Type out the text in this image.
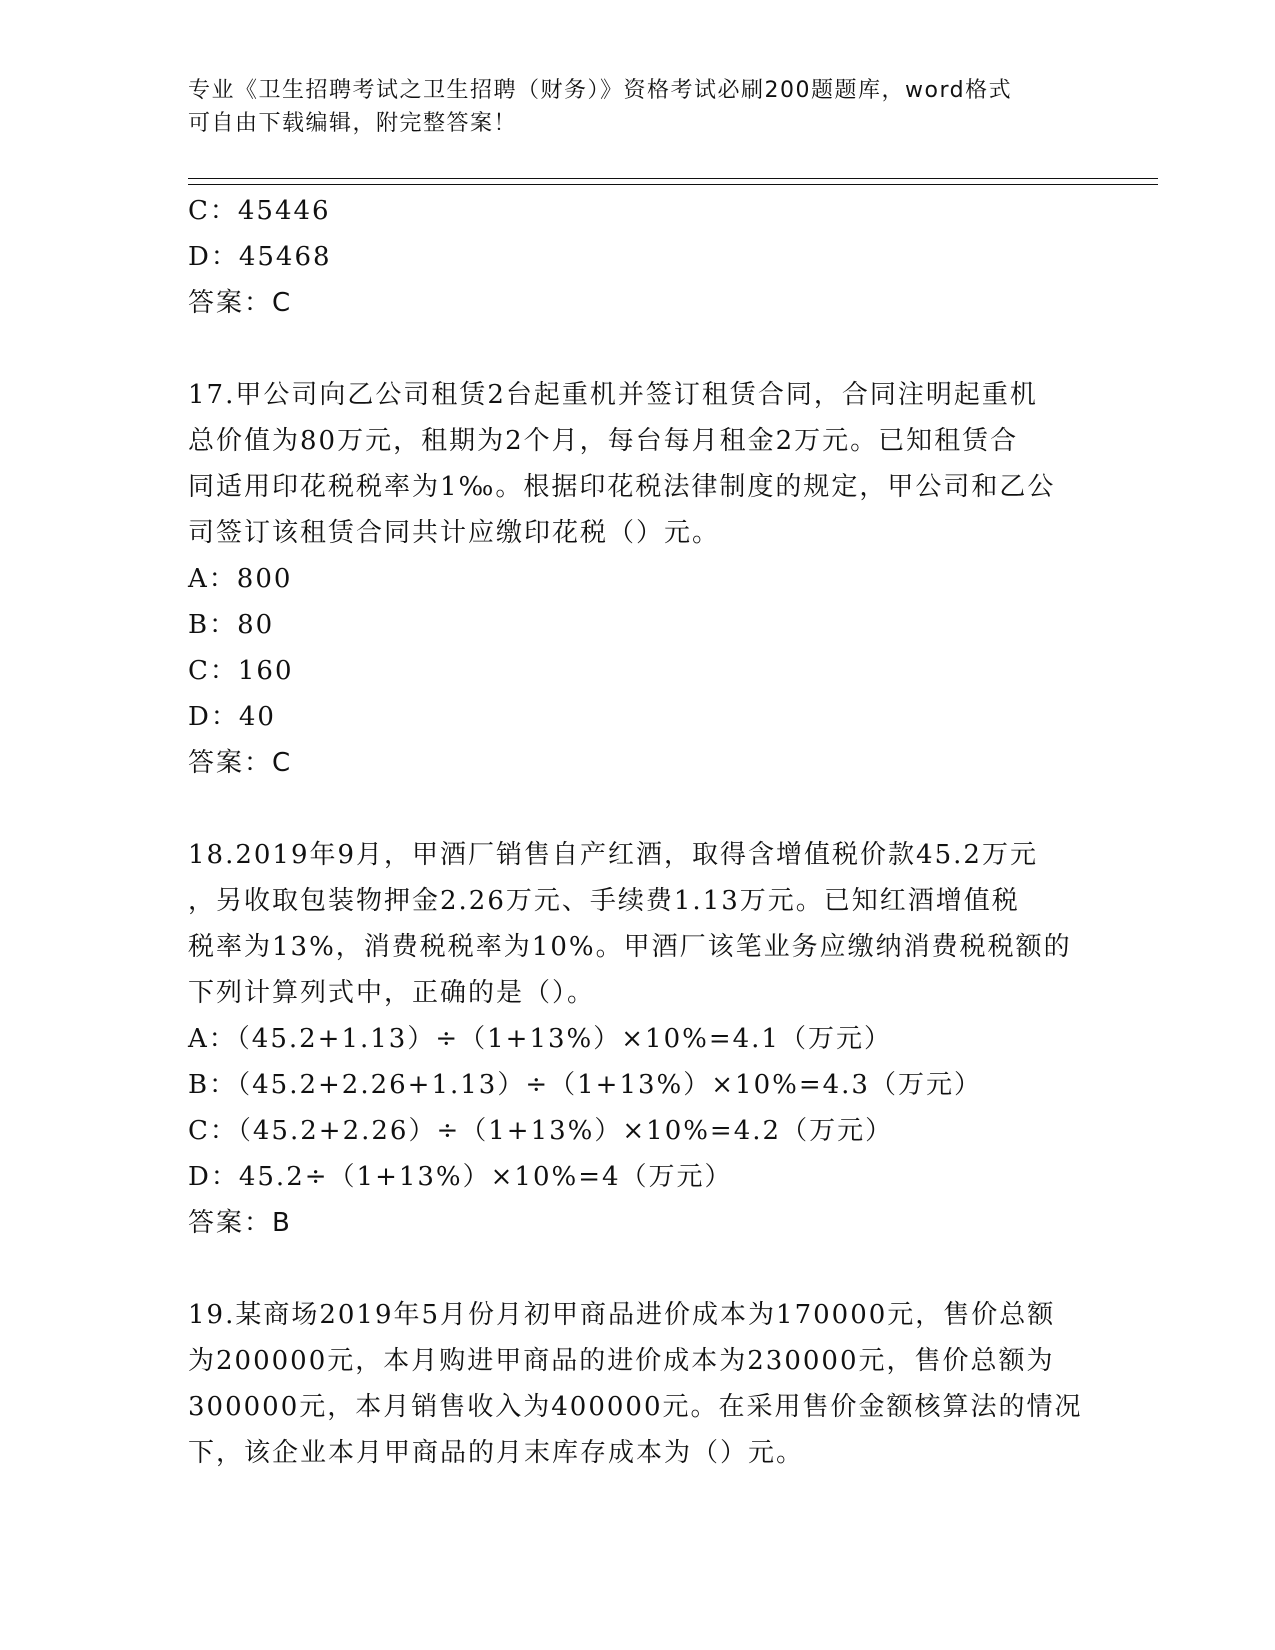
专业《卫生招聘考试之卫生招聘（财务）》资格考试必刷200题题库，word格式
可自由下载编辑，附完整答案！
C：45446
D：45468
答案：C
17.甲公司向乙公司租赁2台起重机并签订租赁合同，合同注明起重机
总价值为80万元，租期为2个月，每台每月租金2万元。已知租赁合
同适用印花税税率为1‰。根据印花税法律制度的规定，甲公司和乙公
司签订该租赁合同共计应缴印花税（）元。
A：800
B：80
C：160
D：40
答案：C
18.2019年9月，甲酒厂销售自产红酒，取得含增值税价款45.2万元
，另收取包装物押金2.26万元、手续费1.13万元。已知红酒增值税
税率为13%，消费税税率为10%。甲酒厂该笔业务应缴纳消费税税额的
下列计算列式中，正确的是（）。
A：（45.2+1.13）÷（1+13%）×10%=4.1（万元）
B：（45.2+2.26+1.13）÷（1+13%）×10%=4.3（万元）
C：（45.2+2.26）÷（1+13%）×10%=4.2（万元）
D：45.2÷（1+13%）×10%=4（万元）
答案：B
19.某商场2019年5月份月初甲商品进价成本为170000元，售价总额
为200000元，本月购进甲商品的进价成本为230000元，售价总额为
300000元，本月销售收入为400000元。在采用售价金额核算法的情况
下，该企业本月甲商品的月末库存成本为（）元。
